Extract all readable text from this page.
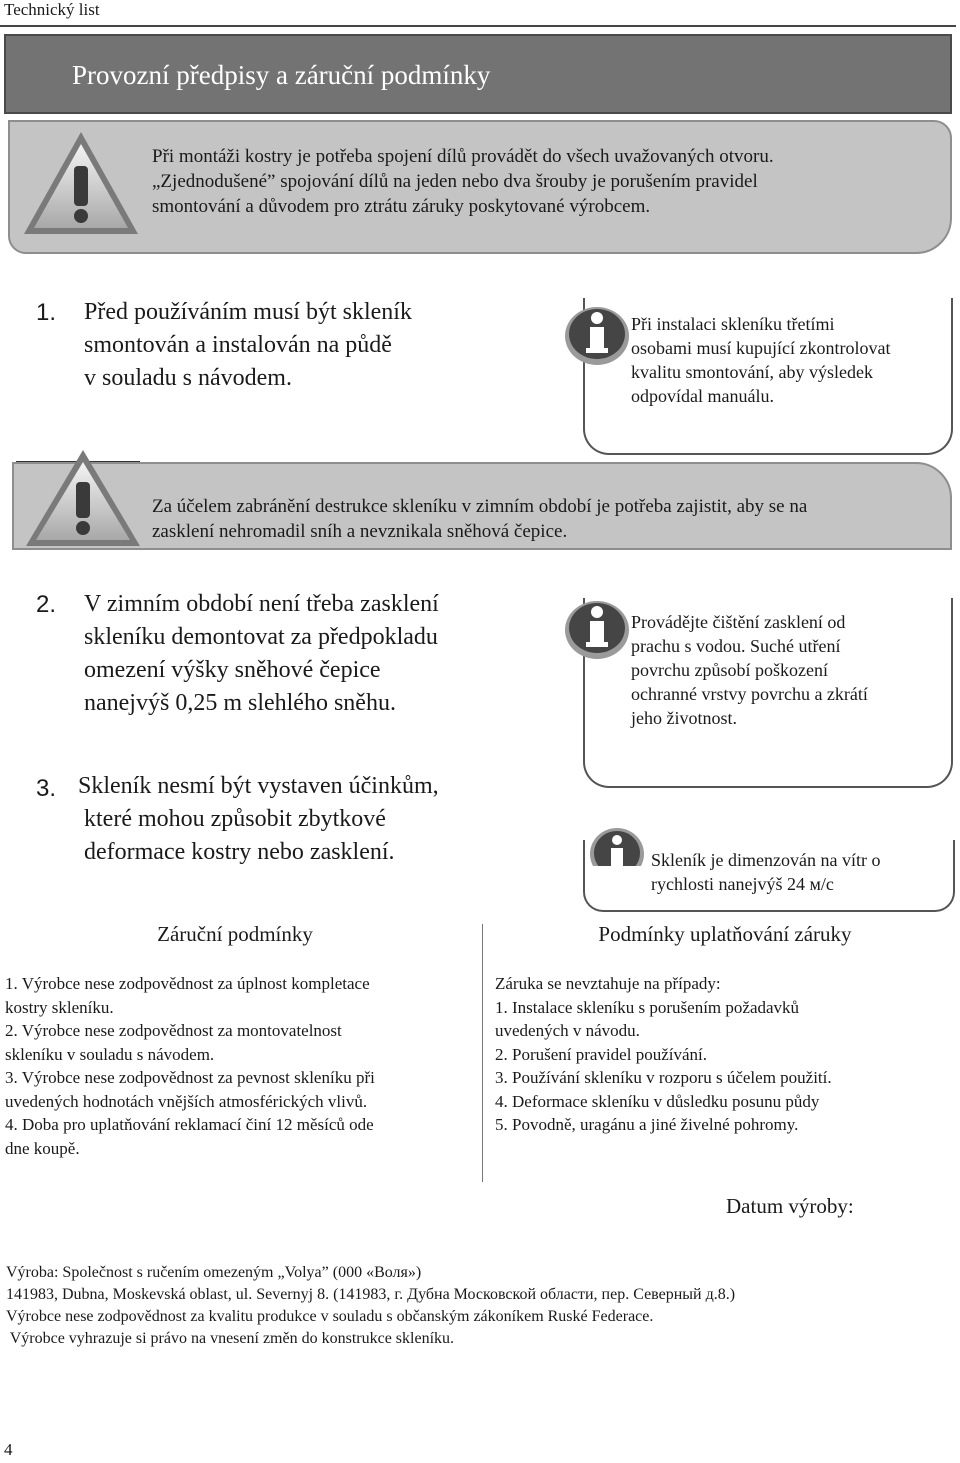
Technický list
Provozní předpisy a záruční podmínky
Při montáži kostry je potřeba spojení dílů provádět do všech uvažovaných otvoru.
„Zjednodušené” spojování dílů na jeden nebo dva šrouby je porušením pravidel
smontování a důvodem pro ztrátu záruky poskytované výrobcem.
1. Před používáním musí být skleník
smontován a instalován na půdě
v souladu s návodem.
Při instalaci skleníku třetími
osobami musí kupující zkontrolovat
kvalitu smontování, aby výsledek
odpovídal manuálu.
Za účelem zabránění destrukce skleníku v zimním období je potřeba zajistit, aby se na
zasklení nehromadil sníh a nevznikala sněhová čepice.
2. V zimním období není třeba zasklení
skleníku demontovat za předpokladu
omezení výšky sněhové čepice
nanejvýš 0,25 m slehlého sněhu.
Provádějte čištění zasklení od
prachu s vodou. Suché utření
povrchu způsobí poškození
ochranné vrstvy povrchu a zkrátí
jeho životnost.
3. Skleník nesmí být vystaven účinkům,
které mohou způsobit zbytkové
deformace kostry nebo zasklení.	Skleník je dimenzován na vítr o
rychlosti nanejvýš 24 м/с
Záruční podmínky	Podmínky uplatňování záruky
1. Výrobce nese zodpovědnost za úplnost kompletace
kostry skleníku.
2. Výrobce nese zodpovědnost za montovatelnost
skleníku v souladu s návodem.
3. Výrobce nese zodpovědnost za pevnost skleníku při
uvedených hodnotách vnějších atmosférických vlivů.
4. Doba pro uplatňování reklamací činí 12 měsíců ode
dne koupě.
Záruka se nevztahuje na případy:
1. Instalace skleníku s porušením požadavků
uvedených v návodu.
2. Porušení pravidel používání.
3. Používání skleníku v rozporu s účelem použití.
4. Deformace skleníku v důsledku posunu půdy
5. Povodně, uragánu a jiné živelné pohromy.
Datum výroby:
Výroba: Společnost s ručením omezeným „Volya” (000 «Воля»)
141983, Dubna, Moskevská oblast, ul. Severnyj 8. (141983, г. Дубна Московской области, пер. Северный д.8.)
Výrobce nese zodpovědnost za kvalitu produkce v souladu s občanským zákoníkem Ruské Federace.
Výrobce vyhrazuje si právo na vnesení změn do konstrukce skleníku.
4
